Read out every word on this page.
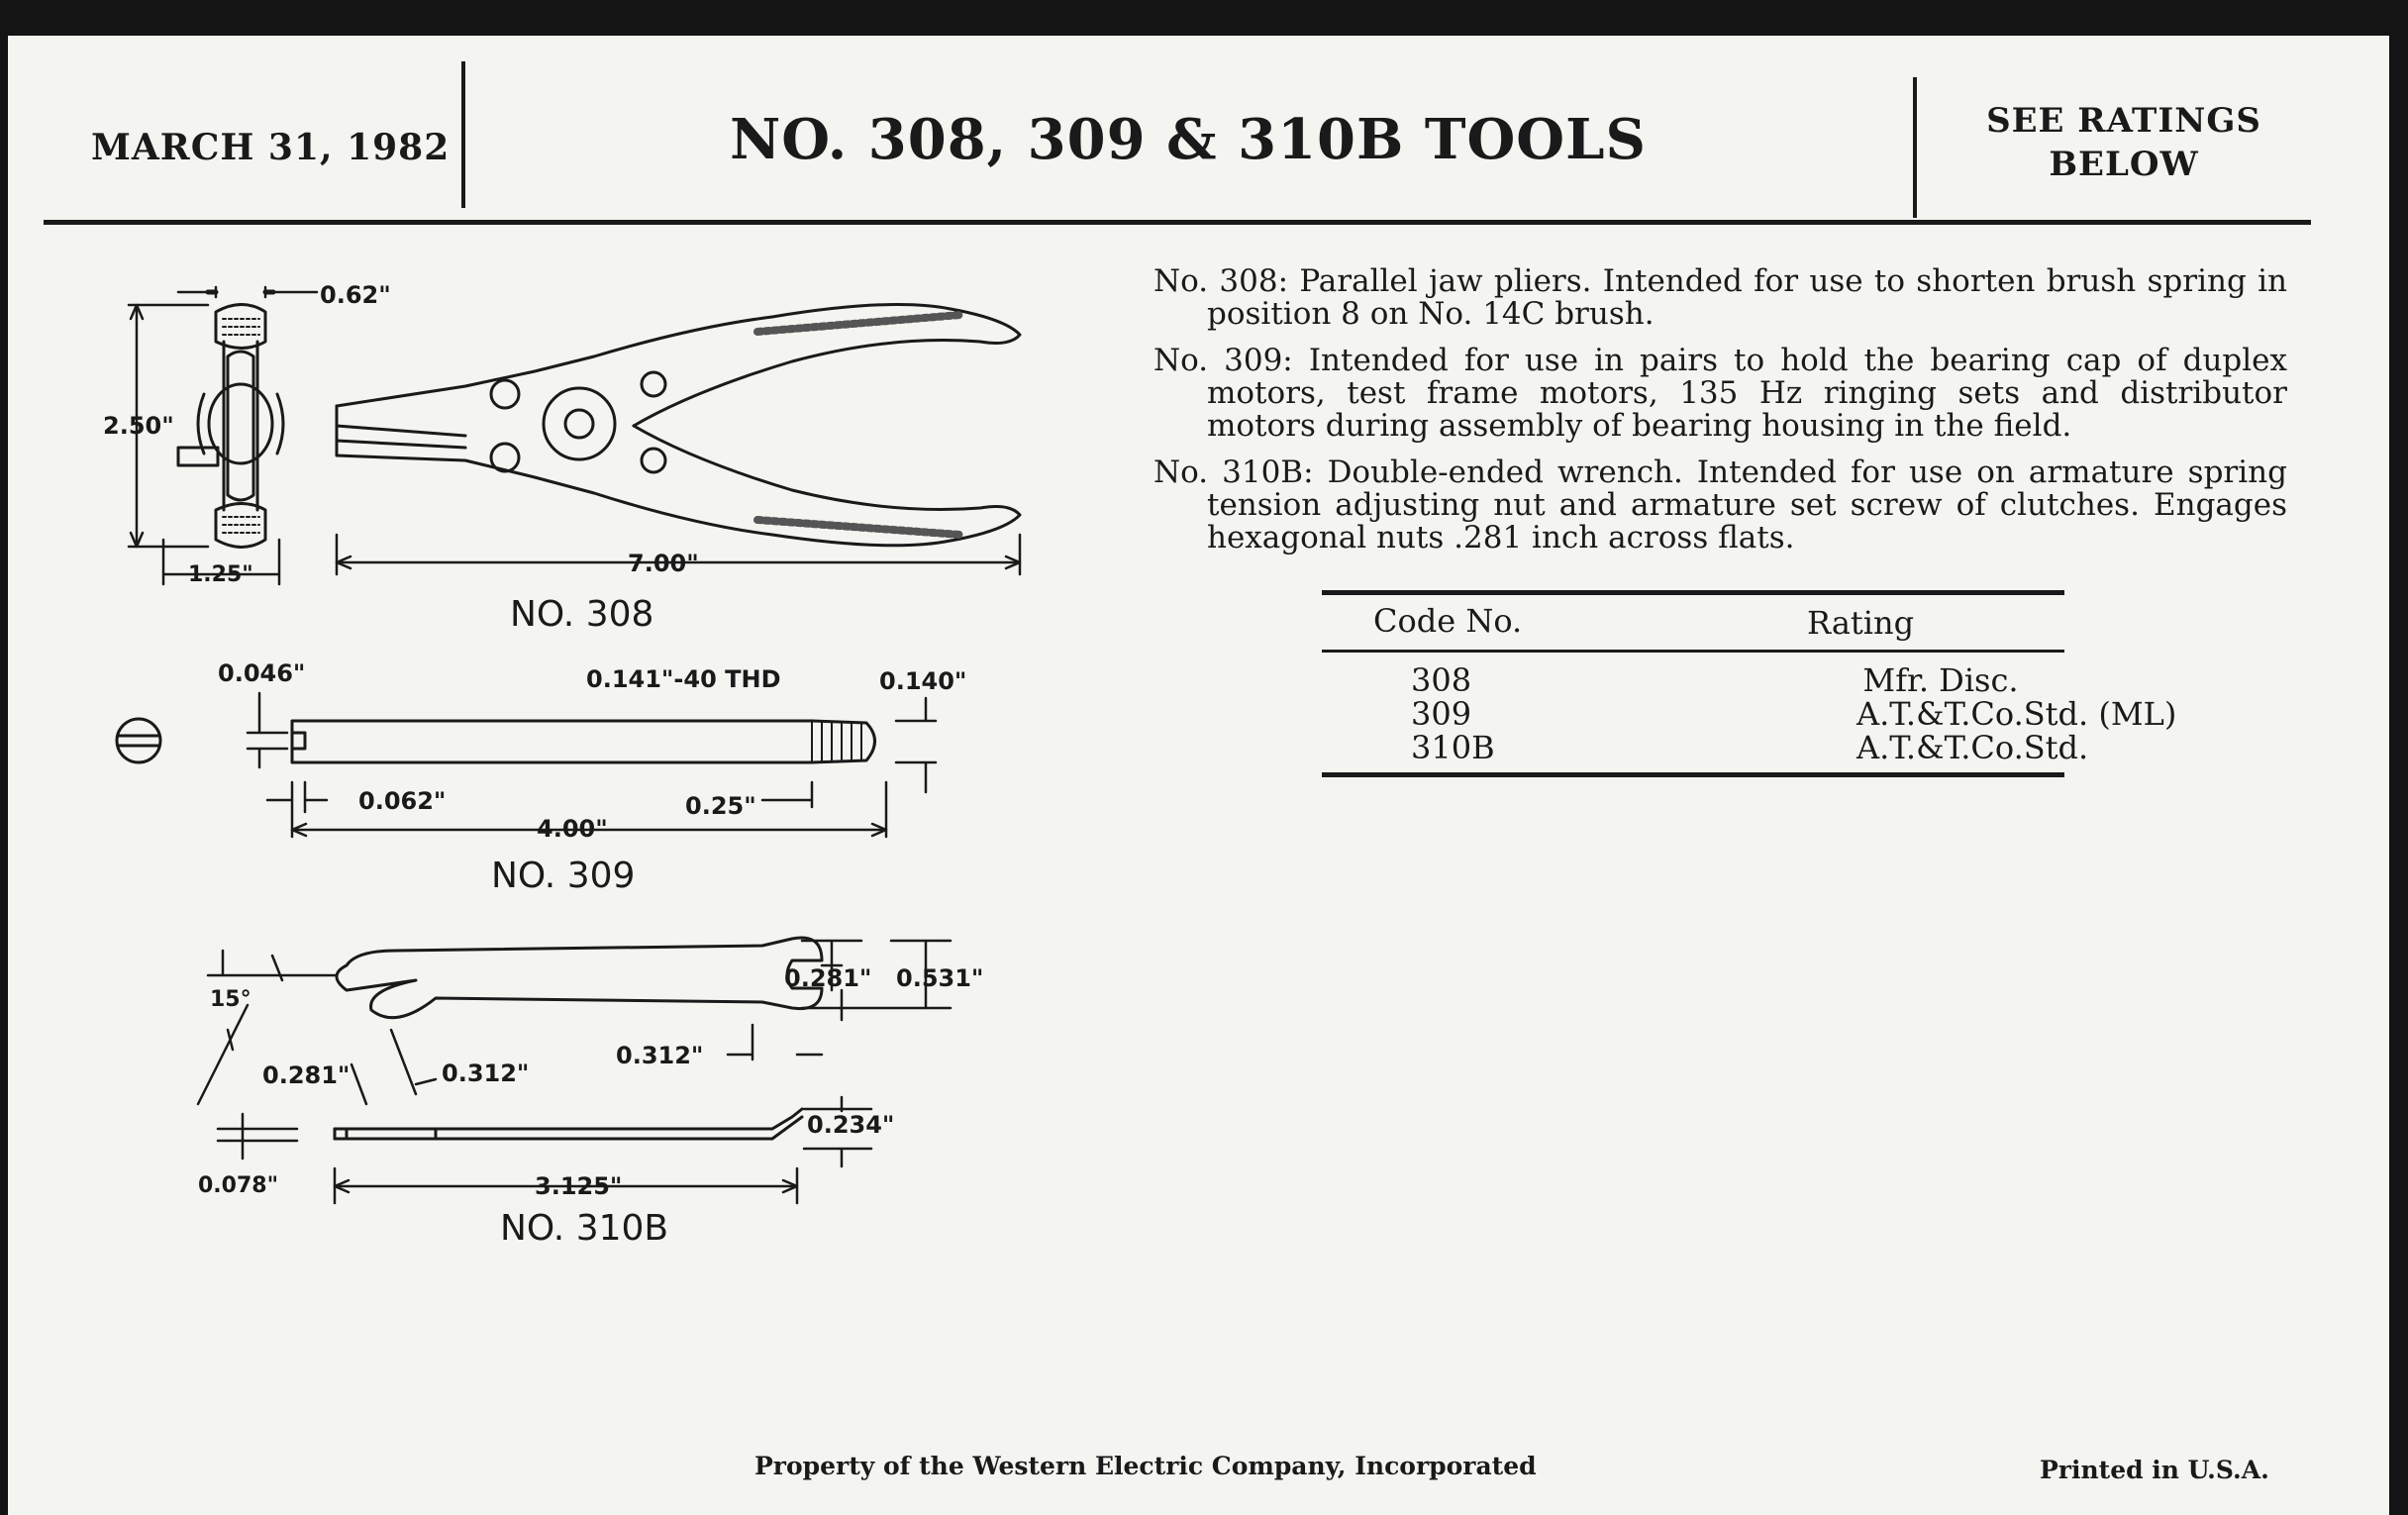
MARCH 31, 1982	NO. 308, 309 & 310B TOOLS	SEE RATINGS
BELOW

No. 308: Parallel jaw pliers. Intended for use to shorten brush spring in position 8 on No. 14C brush.

No. 309: Intended for use in pairs to hold the bearing cap of duplex motors, test frame motors, 135 Hz ringing sets and distributor motors during assembly of bearing housing in the field.

No. 310B: Double-ended wrench. Intended for use on armature spring tension adjusting nut and armature set screw of clutches. Engages hexagonal nuts .281 inch across flats.

Code No.	Rating
308	Mfr. Disc.
309	A.T.&T.Co.Std. (ML)
310B	A.T.&T.Co.Std.
0.62"
2.50"
1.25"	7.00"
NO. 308
0.046"	0.141"-40 THD	0.140"
0.062"	0.25"
4.00"
NO. 309
15°
0.281"	0.312"
0.312"
0.281" 0.531"
0.234"
0.078"	3.125"
NO. 310B
Property of the Western Electric Company, Incorporated	Printed in U.S.A.
